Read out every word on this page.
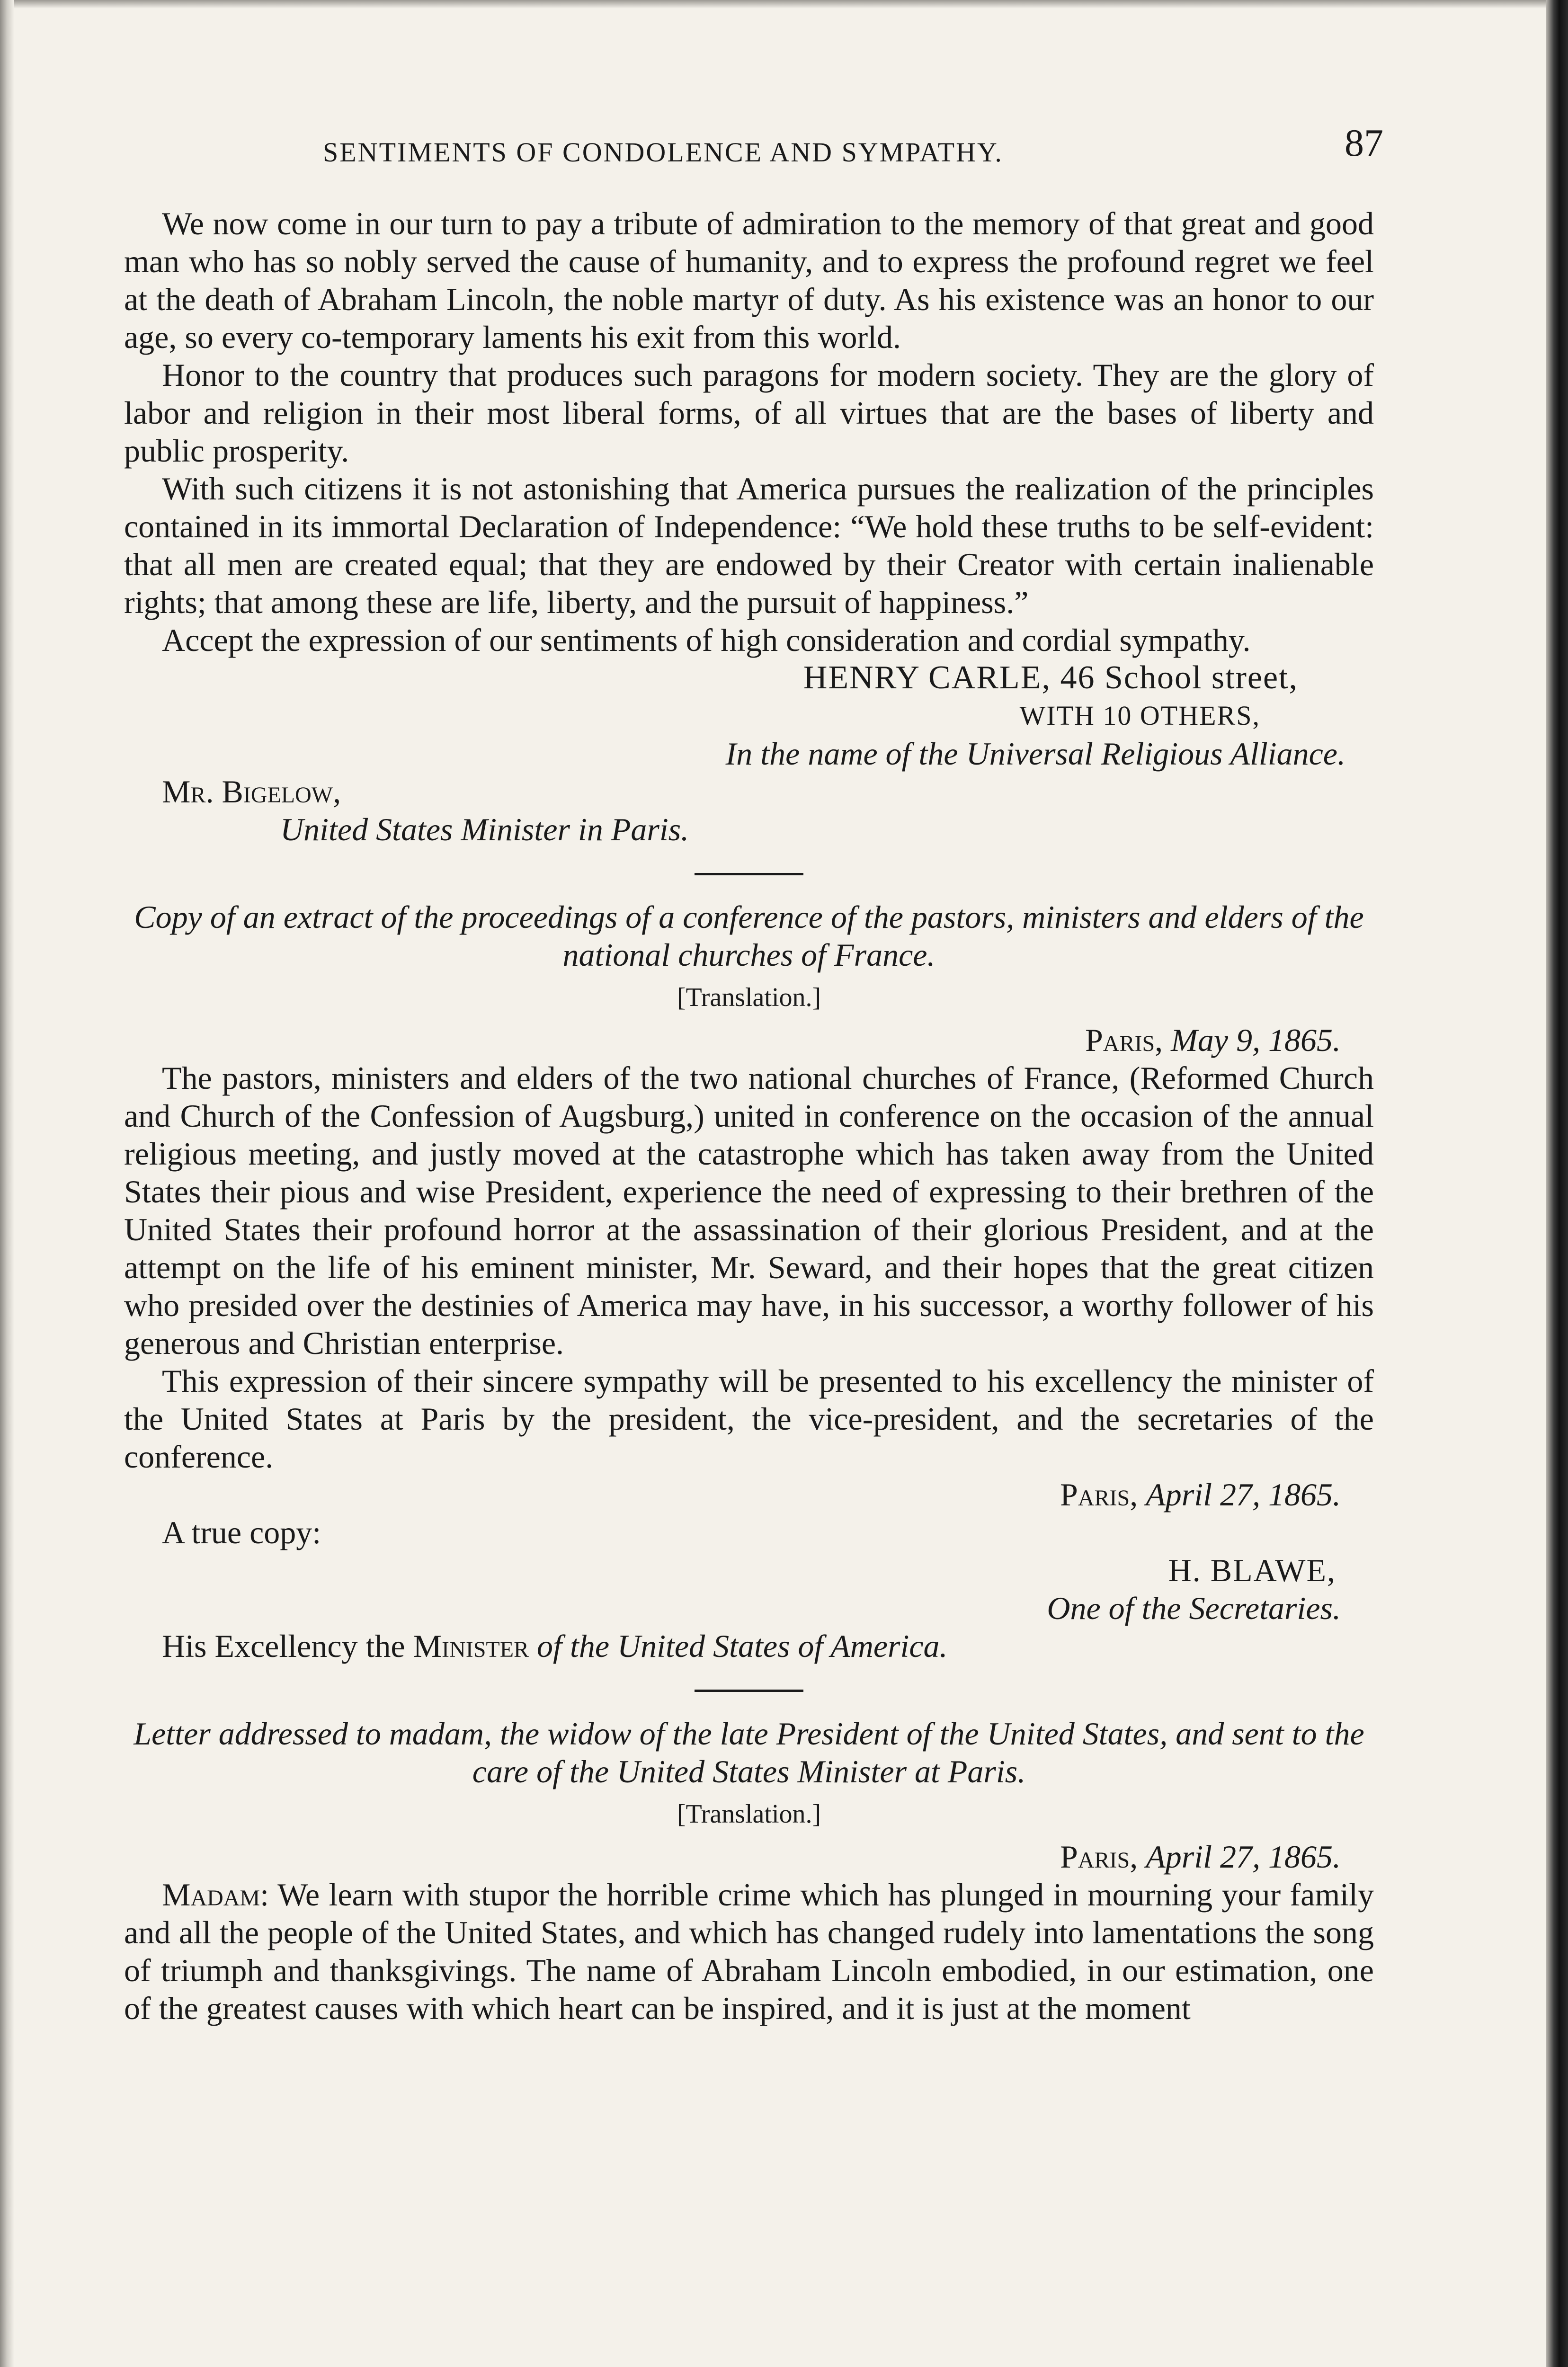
SENTIMENTS OF CONDOLENCE AND SYMPATHY.	87

We now come in our turn to pay a tribute of admiration to the memory of that great and good man who has so nobly served the cause of humanity, and to express the profound regret we feel at the death of Abraham Lincoln, the noble martyr of duty. As his existence was an honor to our age, so every co-temporary laments his exit from this world.

Honor to the country that produces such paragons for modern society. They are the glory of labor and religion in their most liberal forms, of all virtues that are the bases of liberty and public prosperity.

With such citizens it is not astonishing that America pursues the realization of the principles contained in its immortal Declaration of Independence: “We hold these truths to be self-evident: that all men are created equal; that they are endowed by their Creator with certain inalienable rights; that among these are life, liberty, and the pursuit of happiness.”

Accept the expression of our sentiments of high consideration and cordial sympathy.

HENRY CARLE, 46 School street,
WITH 10 OTHERS,
In the name of the Universal Religious Alliance.
Mr. Bigelow,
United States Minister in Paris.
Copy of an extract of the proceedings of a conference of the pastors, ministers and elders of the national churches of France.
[Translation.]
Paris, May 9, 1865.

The pastors, ministers and elders of the two national churches of France, (Reformed Church and Church of the Confession of Augsburg,) united in conference on the occasion of the annual religious meeting, and justly moved at the catastrophe which has taken away from the United States their pious and wise President, experience the need of expressing to their brethren of the United States their profound horror at the assassination of their glorious President, and at the attempt on the life of his eminent minister, Mr. Seward, and their hopes that the great citizen who presided over the destinies of America may have, in his successor, a worthy follower of his generous and Christian enterprise.

This expression of their sincere sympathy will be presented to his excellency the minister of the United States at Paris by the president, the vice-president, and the secretaries of the conference.

Paris, April 27, 1865.
A true copy:
H. BLAWE,
One of the Secretaries.
His Excellency the Minister of the United States of America.
Letter addressed to madam, the widow of the late President of the United States, and sent to the care of the United States Minister at Paris.
[Translation.]
Paris, April 27, 1865.

Madam: We learn with stupor the horrible crime which has plunged in mourning your family and all the people of the United States, and which has changed rudely into lamentations the song of triumph and thanksgivings. The name of Abraham Lincoln embodied, in our estimation, one of the greatest causes with which heart can be inspired, and it is just at the moment
